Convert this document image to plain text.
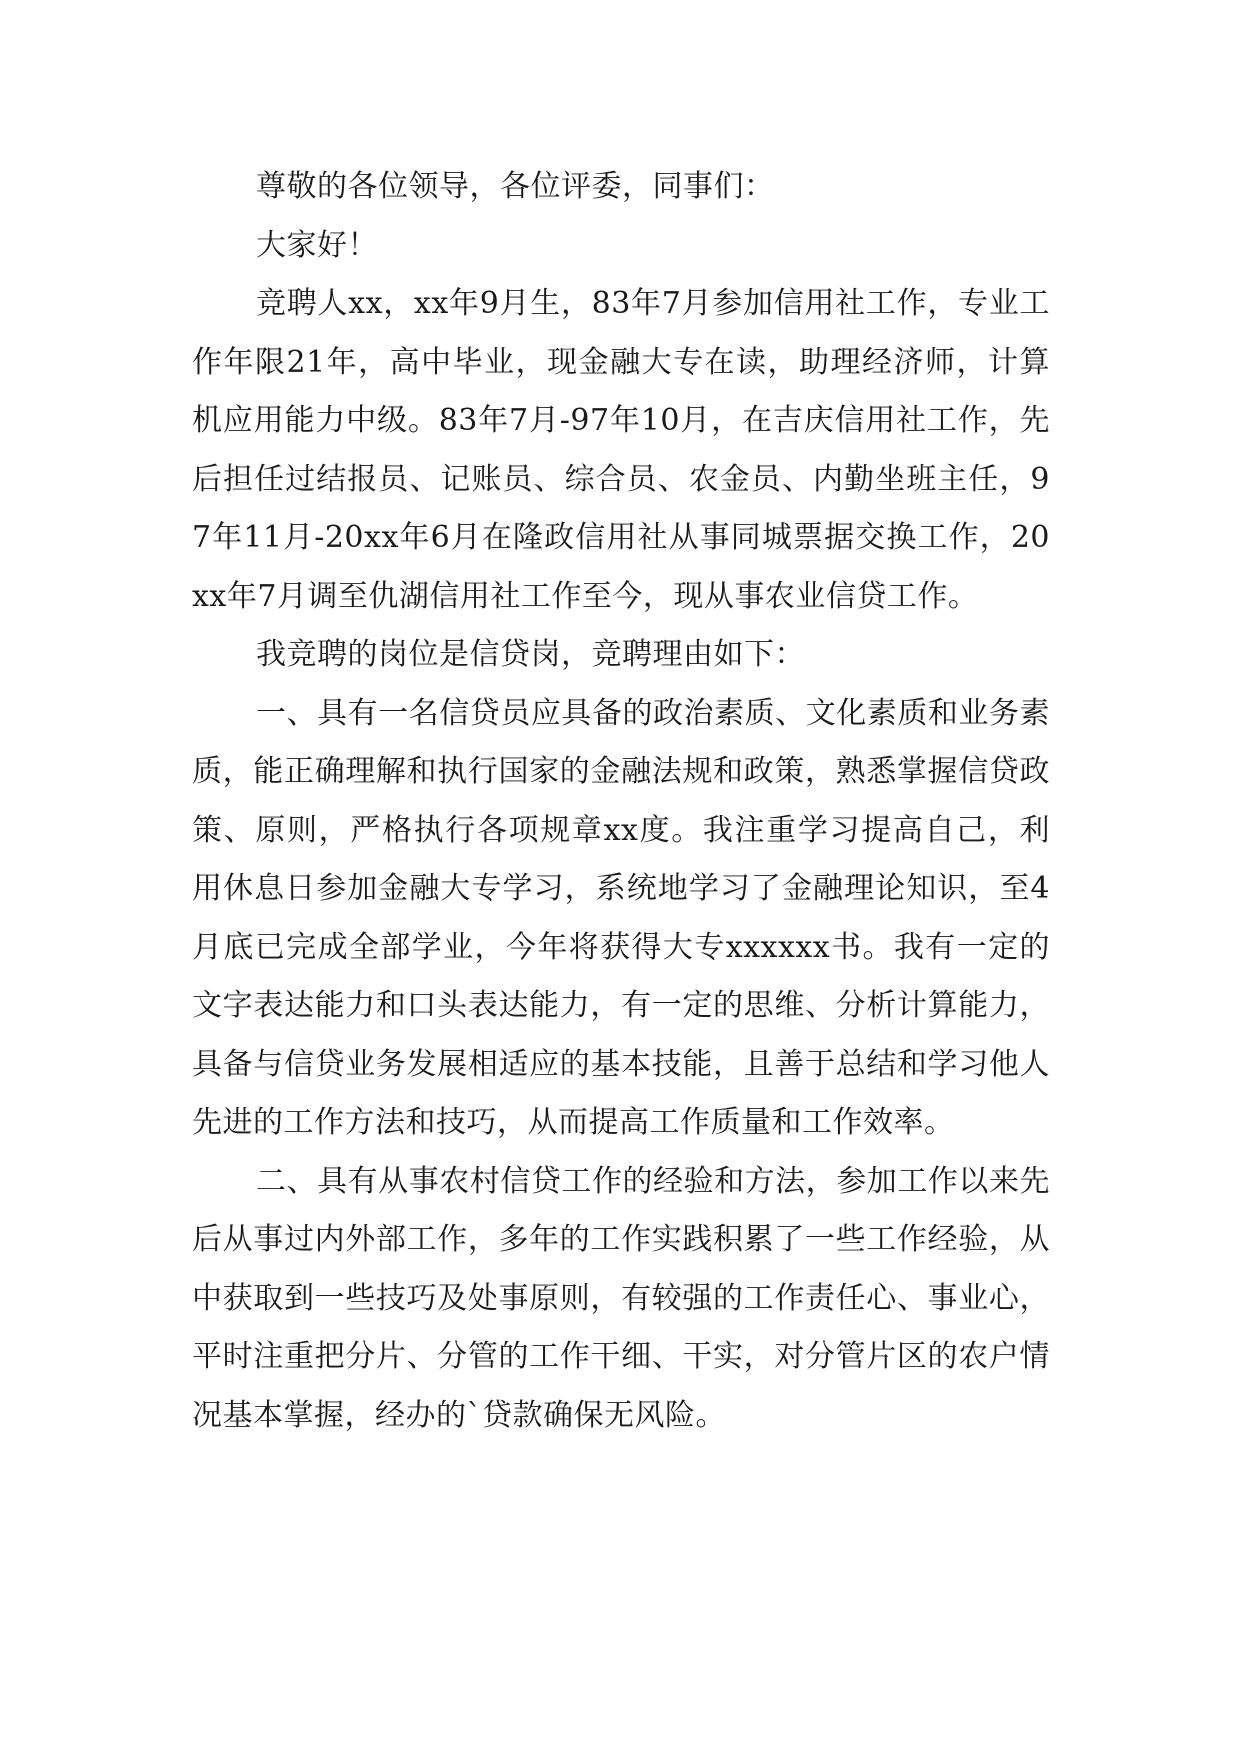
尊敬的各位领导，各位评委，同事们：

大家好！

竞聘人xx，xx年9月生，83年7月参加信用社工作，专业工作年限21年，高中毕业，现金融大专在读，助理经济师，计算机应用能力中级。83年7月-97年10月，在吉庆信用社工作，先后担任过结报员、记账员、综合员、农金员、内勤坐班主任，97年11月-20xx年6月在隆政信用社从事同城票据交换工作，20xx年7月调至仇湖信用社工作至今，现从事农业信贷工作。

我竞聘的岗位是信贷岗，竞聘理由如下：

一、具有一名信贷员应具备的政治素质、文化素质和业务素质，能正确理解和执行国家的金融法规和政策，熟悉掌握信贷政策、原则，严格执行各项规章xx度。我注重学习提高自己，利用休息日参加金融大专学习，系统地学习了金融理论知识，至4月底已完成全部学业，今年将获得大专xxxxxx书。我有一定的文字表达能力和口头表达能力，有一定的思维、分析计算能力，具备与信贷业务发展相适应的基本技能，且善于总结和学习他人先进的工作方法和技巧，从而提高工作质量和工作效率。

二、具有从事农村信贷工作的经验和方法，参加工作以来先后从事过内外部工作，多年的工作实践积累了一些工作经验，从中获取到一些技巧及处事原则，有较强的工作责任心、事业心，平时注重把分片、分管的工作干细、干实，对分管片区的农户情况基本掌握，经办的`贷款确保无风险。
